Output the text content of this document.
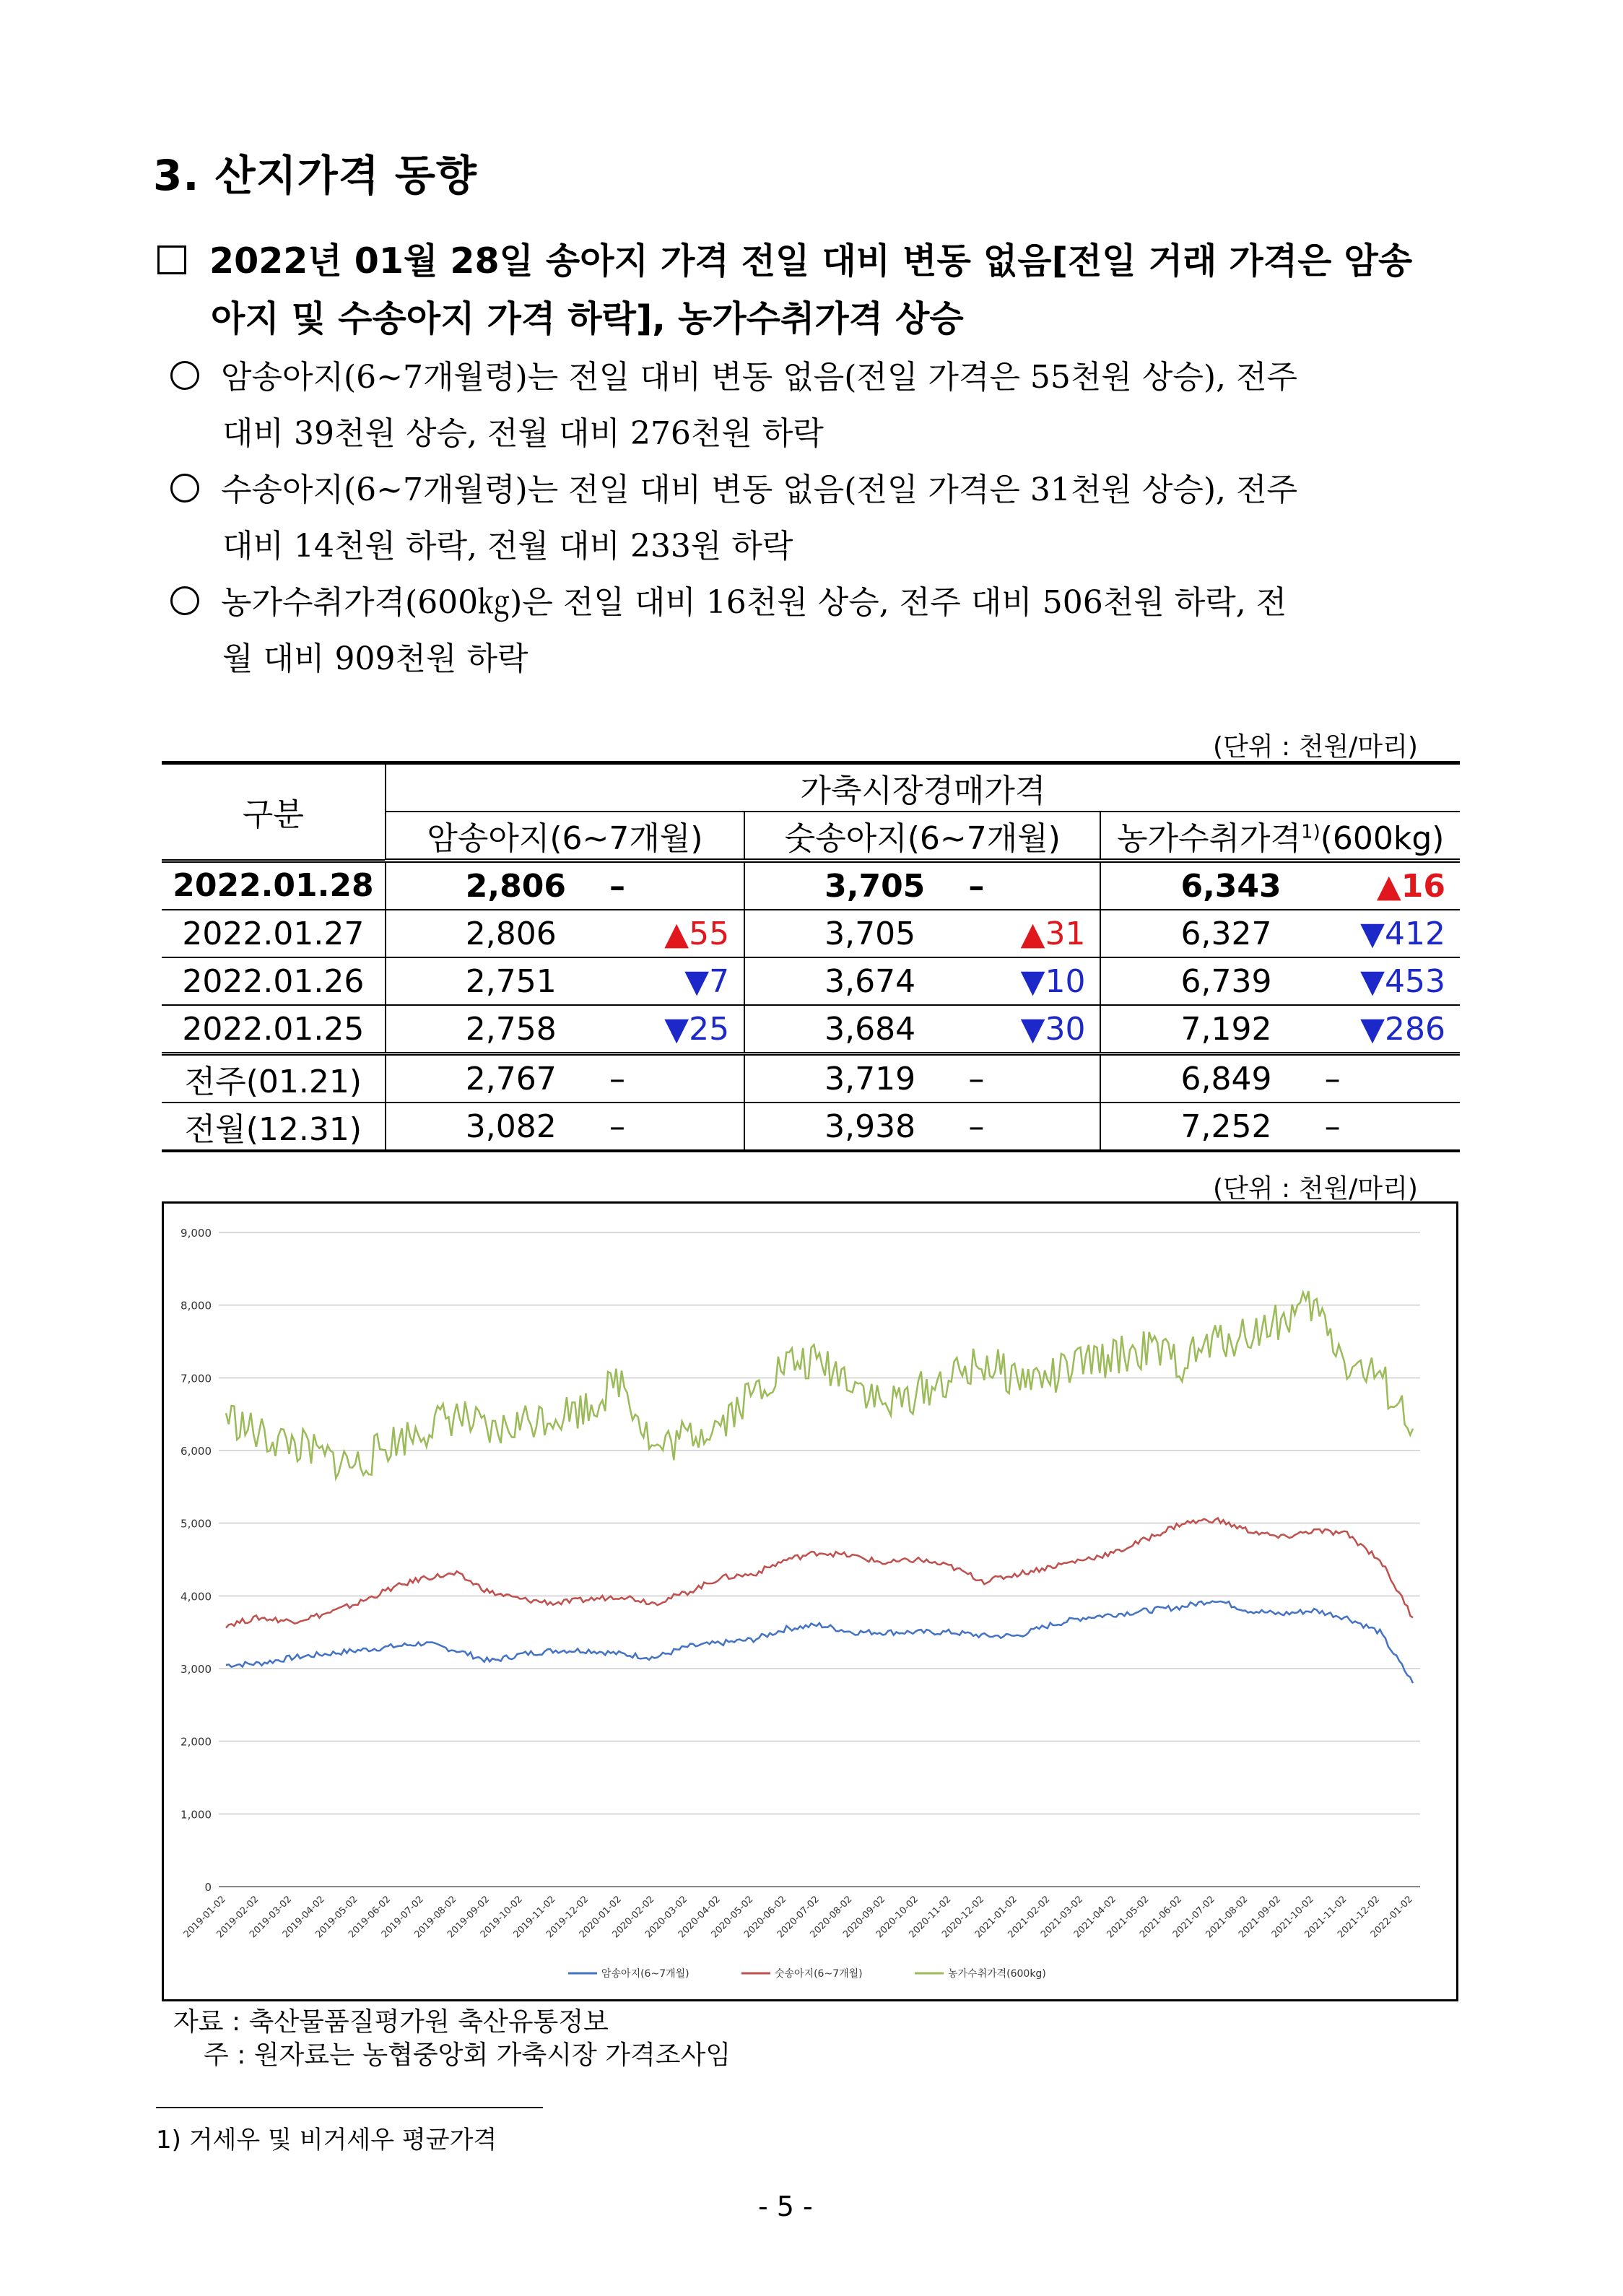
3. 산지가격 동향
2022년 01월 28일 송아지 가격 전일 대비 변동 없음[전일 거래 가격은 암송
아지 및 수송아지 가격 하락], 농가수취가격 상승
암송아지(6~7개월령)는 전일 대비 변동 없음(전일 가격은 55천원 상승), 전주
대비 39천원 상승, 전월 대비 276천원 하락
수송아지(6~7개월령)는 전일 대비 변동 없음(전일 가격은 31천원 상승), 전주
대비 14천원 하락, 전월 대비 233원 하락
농가수취가격(600㎏)은 전일 대비 16천원 상승, 전주 대비 506천원 하락, 전
월 대비 909천원 하락
(단위 : 천원/마리)
구분	가축시장경매가격					
	암송아지(6~7개월)		숫송아지(6~7개월)		농가수취가격$^{1)}$(600kg)	
2022.01.28	2,806	–	3,705	–	6,343	▲16
2022.01.27	2,806	▲55	3,705	▲31	6,327	▼412
2022.01.26	2,751	▼7	3,674	▼10	6,739	▼453
2022.01.25	2,758	▼25	3,684	▼30	7,192	▼286
전주(01.21)	2,767	–	3,719	–	6,849	–
전월(12.31)	3,082	–	3,938	–	7,252	–
(단위 : 천원/마리)
0
1,000
2,000
3,000
4,000
5,000
6,000
7,000
8,000
9,000
2019-01-02
2019-02-02
2019-03-02
2019-04-02
2019-05-02
2019-06-02
2019-07-02
2019-08-02
2019-09-02
2019-10-02
2019-11-02
2019-12-02
2020-01-02
2020-02-02
2020-03-02
2020-04-02
2020-05-02
2020-06-02
2020-07-02
2020-08-02
2020-09-02
2020-10-02
2020-11-02
2020-12-02
2021-01-02
2021-02-02
2021-03-02
2021-04-02
2021-05-02
2021-06-02
2021-07-02
2021-08-02
2021-09-02
2021-10-02
2021-11-02
2021-12-02
2022-01-02
암송아지(6~7개월)	숫송아지(6~7개월)	농가수취가격(600kg)
자료 : 축산물품질평가원 축산유통정보
주 : 원자료는 농협중앙회 가축시장 가격조사임
1) 거세우 및 비거세우 평균가격
- 5 -
